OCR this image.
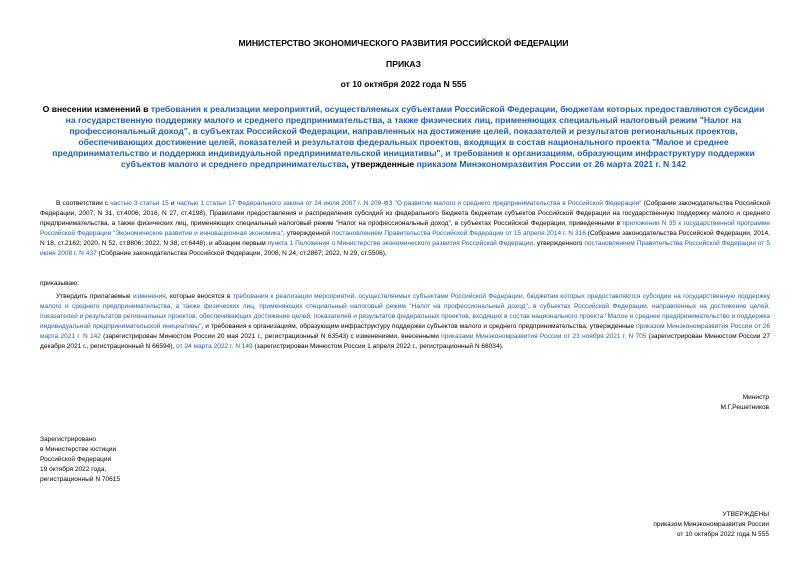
МИНИСТЕРСТВО ЭКОНОМИЧЕСКОГО РАЗВИТИЯ РОССИЙСКОЙ ФЕДЕРАЦИИ
ПРИКАЗ
от 10 октября 2022 года N 555
О внесении изменений в требования к реализации мероприятий, осуществляемых субъектами Российской Федерации, бюджетам которых предоставляются субсидии на государственную поддержку малого и среднего предпринимательства, а также физических лиц, применяющих специальный налоговый режим "Налог на профессиональный доход", в субъектах Российской Федерации, направленных на достижение целей, показателей и результатов региональных проектов, обеспечивающих достижение целей, показателей и результатов федеральных проектов, входящих в состав национального проекта "Малое и среднее предпринимательство и поддержка индивидуальной предпринимательской инициативы", и требования к организациям, образующим инфраструктуру поддержки субъектов малого и среднего предпринимательства, утвержденные приказом Минэкономразвития России от 26 марта 2021 г. N 142
В соответствии с частью 3 статьи 15 и частью 1 статьи 17 Федерального закона от 24 июля 2007 г. N 209-ФЗ "О развитии малого и среднего предпринимательства в Российской Федерации" (Собрание законодательства Российской Федерации, 2007, N 31, ст.4006; 2016, N 27, ст.4198), Правилами предоставления и распределения субсидий из федерального бюджета бюджетам субъектов Российской Федерации на государственную поддержку малого и среднего предпринимательства, а также физических лиц, применяющих специальный налоговый режим "Налог на профессиональный доход", в субъектах Российской Федерации, приведенными в приложении N 35 к государственной программе Российской Федерации "Экономическое развитие и инновационная экономика", утвержденной постановлением Правительства Российской Федерации от 15 апреля 2014 г. N 316 (Собрание законодательства Российской Федерации, 2014, N 18, ст.2162; 2020, N 52, ст.8806; 2022, N 38, ст.6448), и абзацем первым пункта 1 Положения о Министерстве экономического развития Российской Федерации, утвержденного постановлением Правительства Российской Федерации от 5 июня 2008 г. N 437 (Собрание законодательства Российской Федерации, 2008, N 24, ст.2867; 2022, N 29, ст.5506),
приказываю:
Утвердить прилагаемые изменения, которые вносятся в требования к реализации мероприятий, осуществляемых субъектами Российской Федерации, бюджетам которых предоставляются субсидии на государственную поддержку малого и среднего предпринимательства, а также физических лиц, применяющих специальный налоговый режим "Налог на профессиональный доход", в субъектах Российской Федерации, направленных на достижение целей, показателей и результатов региональных проектов, обеспечивающих достижение целей, показателей и результатов федеральных проектов, входящих в состав национального проекта "Малое и среднее предпринимательство и поддержка индивидуальной предпринимательской инициативы", и требования к организациям, образующим инфраструктуру поддержки субъектов малого и среднего предпринимательства, утвержденные приказом Минэкономразвития России от 26 марта 2021 г. N 142 (зарегистрирован Минюстом России 20 мая 2021 г., регистрационный N 63543) с изменениями, внесенными приказами Минэкономразвития России от 23 ноября 2021 г. N 705 (зарегистрирован Минюстом России 27 декабря 2021 г., регистрационный N 66594), от 24 марта 2022 г. N 149 (зарегистрирован Минюстом России 1 апреля 2022 г., регистрационный N 68034).
Министр
М.Г.Решетников
Зарегистрировано
в Министерстве юстиции
Российской Федерации
19 октября 2022 года,
регистрационный N 70615
УТВЕРЖДЕНЫ
приказом Минэкономразвития России
от 10 октября 2022 года N 555
